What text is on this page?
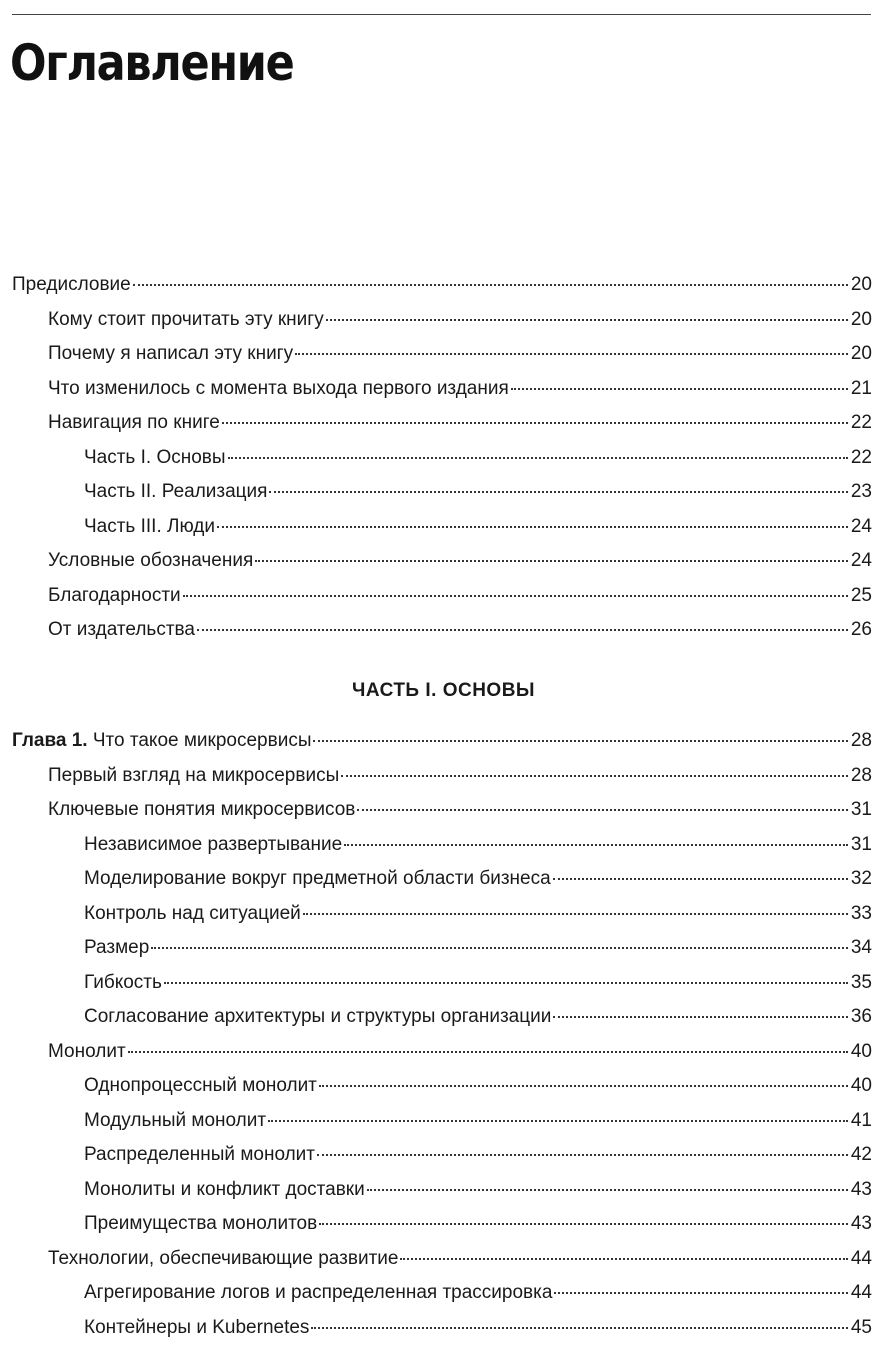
Оглавление
Предисловие	20
Кому стоит прочитать эту книгу	20
Почему я написал эту книгу	20
Что изменилось с момента выхода первого издания	21
Навигация по книге	22
Часть I. Основы	22
Часть II. Реализация	23
Часть III. Люди	24
Условные обозначения	24
Благодарности	25
От издательства	26
ЧАСТЬ I. ОСНОВЫ
Глава 1. Что такое микросервисы	28
Первый взгляд на микросервисы	28
Ключевые понятия микросервисов	31
Независимое развертывание	31
Моделирование вокруг предметной области бизнеса	32
Контроль над ситуацией	33
Размер	34
Гибкость	35
Согласование архитектуры и структуры организации	36
Монолит	40
Однопроцессный монолит	40
Модульный монолит	41
Распределенный монолит	42
Монолиты и конфликт доставки	43
Преимущества монолитов	43
Технологии, обеспечивающие развитие	44
Агрегирование логов и распределенная трассировка	44
Контейнеры и Kubernetes	45
